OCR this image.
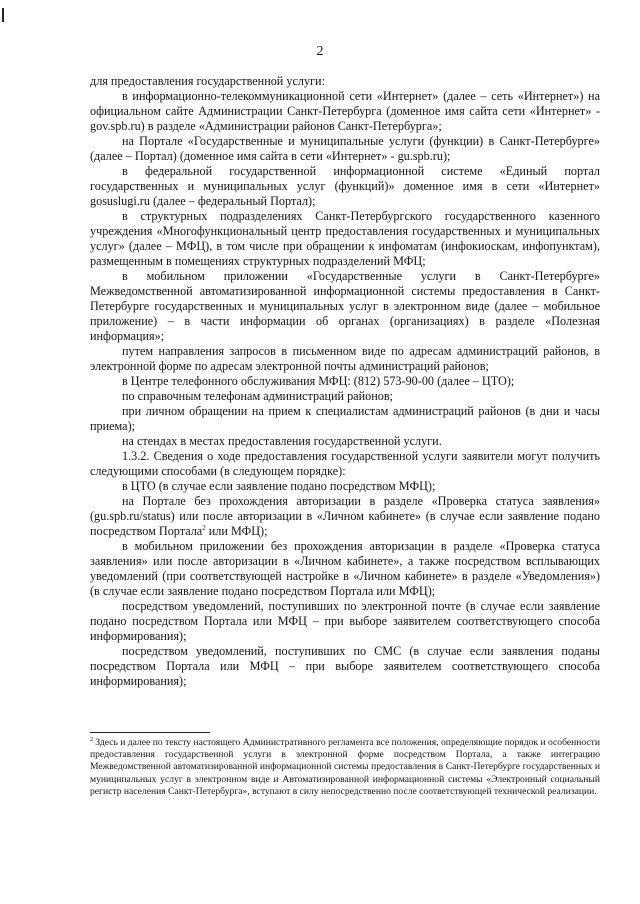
2

для предоставления государственной услуги:

в информационно-телекоммуникационной сети «Интернет» (далее – сеть «Интернет») на официальном сайте Администрации Санкт-Петербурга (доменное имя сайта сети «Интернет» - gov.spb.ru) в разделе «Администрации районов Санкт-Петербурга»;

на Портале «Государственные и муниципальные услуги (функции) в Санкт-Петербурге» (далее – Портал) (доменное имя сайта в сети «Интернет» - gu.spb.ru);

в федеральной государственной информационной системе «Единый портал государственных и муниципальных услуг (функций)» доменное имя в сети «Интернет» gosuslugi.ru (далее – федеральный Портал);

в структурных подразделениях Санкт-Петербургского государственного казенного учреждения «Многофункциональный центр предоставления государственных и муниципальных услуг» (далее – МФЦ), в том числе при обращении к инфоматам (инфокиоскам, инфопунктам), размещенным в помещениях структурных подразделений МФЦ;

в мобильном приложении «Государственные услуги в Санкт-Петербурге» Межведомственной автоматизированной информационной системы предоставления в Санкт-Петербурге государственных и муниципальных услуг в электронном виде (далее – мобильное приложение) – в части информации об органах (организациях) в разделе «Полезная информация»;

путем направления запросов в письменном виде по адресам администраций районов, в электронной форме по адресам электронной почты администраций районов;

в Центре телефонного обслуживания МФЦ: (812) 573-90-00 (далее – ЦТО);

по справочным телефонам администраций районов;

при личном обращении на прием к специалистам администраций районов (в дни и часы приема);

на стендах в местах предоставления государственной услуги.

1.3.2. Сведения о ходе предоставления государственной услуги заявители могут получить следующими способами (в следующем порядке):

в ЦТО (в случае если заявление подано посредством МФЦ);

на Портале без прохождения авторизации в разделе «Проверка статуса заявления» (gu.spb.ru/status) или после авторизации в «Личном кабинете» (в случае если заявление подано посредством Портала$^2$ или МФЦ);

в мобильном приложении без прохождения авторизации в разделе «Проверка статуса заявления» или после авторизации в «Личном кабинете», а также посредством всплывающих уведомлений (при соответствующей настройке в «Личном кабинете» в разделе «Уведомления») (в случае если заявление подано посредством Портала или МФЦ);

посредством уведомлений, поступивших по электронной почте (в случае если заявление подано посредством Портала или МФЦ – при выборе заявителем соответствующего способа информирования);

посредством уведомлений, поступивших по СМС (в случае если заявления поданы посредством Портала или МФЦ – при выборе заявителем соответствующего способа информирования);

$^2$ Здесь и далее по тексту настоящего Административного регламента все положения, определяющие порядок и особенности предоставления государственной услуги в электронной форме посредством Портала, а также интеграцию Межведомственной автоматизированной информационной системы предоставления в Санкт-Петербурге государственных и муниципальных услуг в электронном виде и Автоматизированной информационной системы «Электронный социальный регистр населения Санкт-Петербурга», вступают в силу непосредственно после соответствующей технической реализации.
